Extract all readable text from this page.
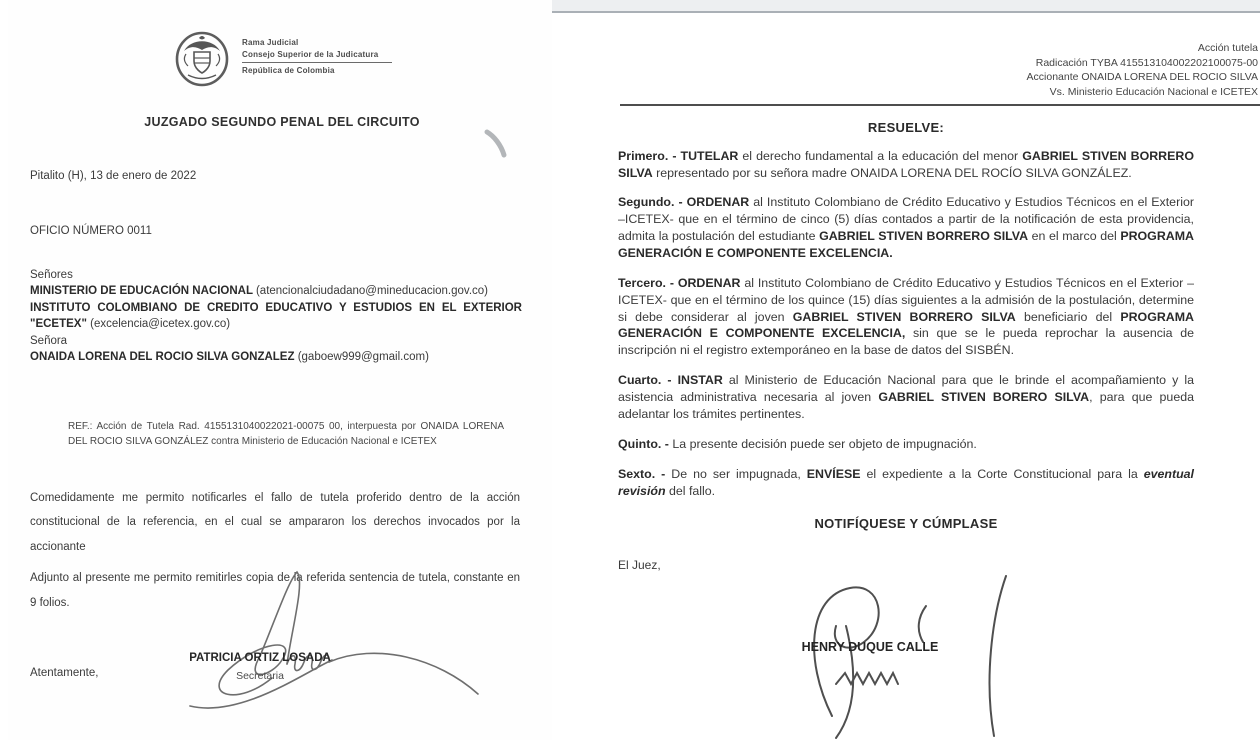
Rama Judicial
Consejo Superior de la Judicatura
República de Colombia
JUZGADO SEGUNDO PENAL DEL CIRCUITO
Pitalito (H), 13 de enero de 2022
OFICIO NÚMERO 0011

Señores

MINISTERIO DE EDUCACIÓN NACIONAL (atencionalciudadano@mineducacion.gov.co)

INSTITUTO COLOMBIANO DE CREDITO EDUCATIVO Y ESTUDIOS EN EL EXTERIOR "ECETEX" (excelencia@icetex.gov.co)

Señora

ONAIDA LORENA DEL ROCIO SILVA GONZALEZ (gaboew999@gmail.com)

REF.: Acción de Tutela Rad. 4155131040022021-00075 00, interpuesta por ONAIDA LORENA DEL ROCIO SILVA GONZÁLEZ contra Ministerio de Educación Nacional e ICETEX

Comedidamente me permito notificarles el fallo de tutela proferido dentro de la acción constitucional de la referencia, en el cual se ampararon los derechos invocados por la accionante

Adjunto al presente me permito remitirles copia de la referida sentencia de tutela, constante en 9 folios.

Atentamente,
PATRICIA ORTIZ LOSADA
Secretaria
Acción tutela
Radicación TYBA 415513104002202100075-00
Accionante ONAIDA LORENA DEL ROCIO SILVA
Vs. Ministerio Educación Nacional e ICETEX
RESUELVE:

Primero. - TUTELAR el derecho fundamental a la educación del menor GABRIEL STIVEN BORRERO SILVA representado por su señora madre ONAIDA LORENA DEL ROCÍO SILVA GONZÁLEZ.

Segundo. - ORDENAR al Instituto Colombiano de Crédito Educativo y Estudios Técnicos en el Exterior –ICETEX- que en el término de cinco (5) días contados a partir de la notificación de esta providencia, admita la postulación del estudiante GABRIEL STIVEN BORRERO SILVA en el marco del PROGRAMA GENERACIÓN E COMPONENTE EXCELENCIA.

Tercero. - ORDENAR al Instituto Colombiano de Crédito Educativo y Estudios Técnicos en el Exterior –ICETEX- que en el término de los quince (15) días siguientes a la admisión de la postulación, determine si debe considerar al joven GABRIEL STIVEN BORRERO SILVA beneficiario del PROGRAMA GENERACIÓN E COMPONENTE EXCELENCIA, sin que se le pueda reprochar la ausencia de inscripción ni el registro extemporáneo en la base de datos del SISBÉN.

Cuarto. - INSTAR al Ministerio de Educación Nacional para que le brinde el acompañamiento y la asistencia administrativa necesaria al joven GABRIEL STIVEN BORERO SILVA, para que pueda adelantar los trámites pertinentes.

Quinto. - La presente decisión puede ser objeto de impugnación.

Sexto. - De no ser impugnada, ENVÍESE el expediente a la Corte Constitucional para la eventual revisión del fallo.

NOTIFÍQUESE Y CÚMPLASE
El Juez,
HENRY DUQUE CALLE
